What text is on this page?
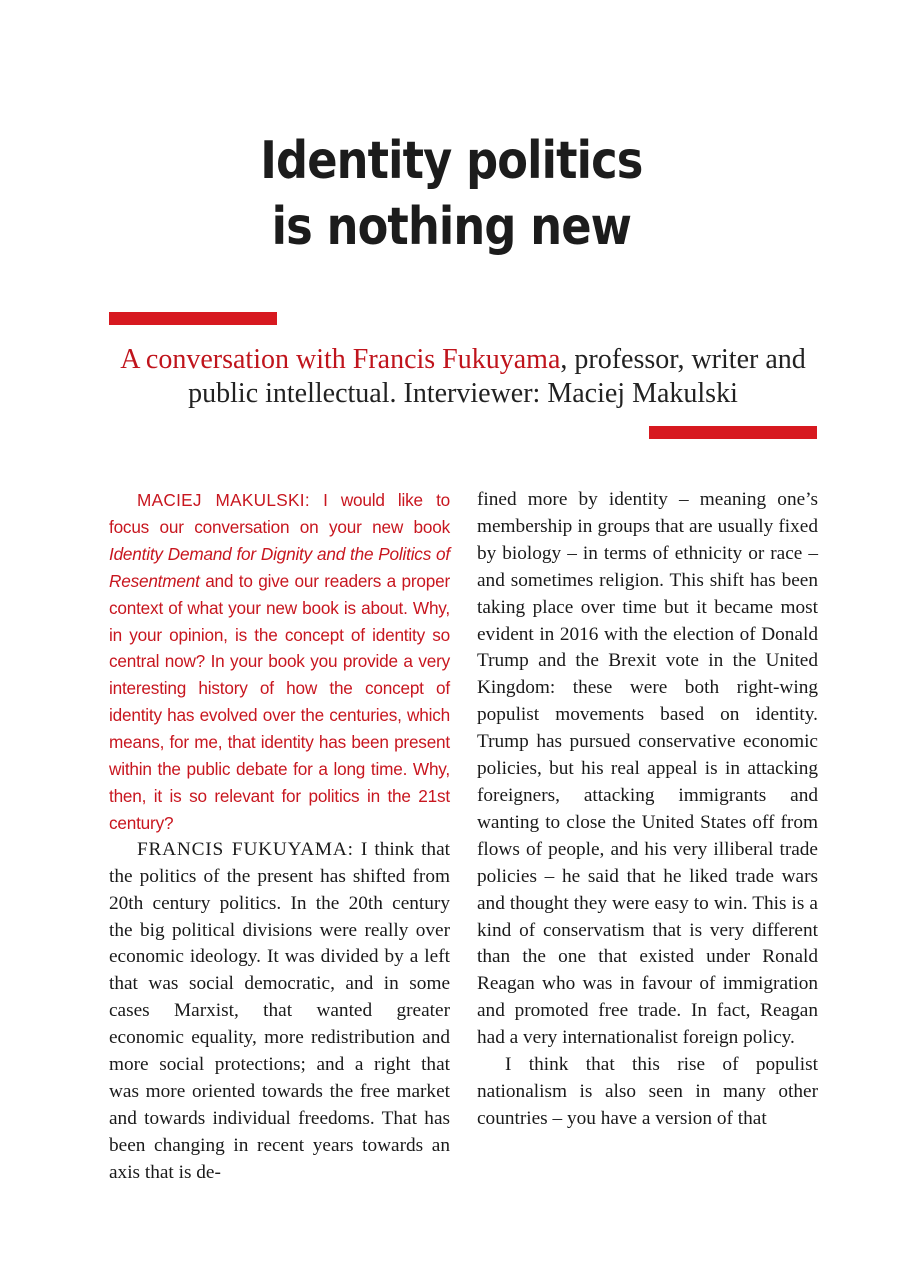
Identity politics
is nothing new
A conversation with Francis Fukuyama, professor, writer and public intellectual. Interviewer: Maciej Makulski

MACIEJ MAKULSKI: I would like to focus our conversation on your new book Identity Demand for Dignity and the Politics of Resentment and to give our readers a proper context of what your new book is about. Why, in your opinion, is the concept of identity so central now? In your book you provide a very interesting history of how the concept of identity has evolved over the centuries, which means, for me, that identity has been present within the public debate for a long time. Why, then, it is so relevant for politics in the 21st century?

FRANCIS FUKUYAMA: I think that the politics of the present has shifted from 20th century politics. In the 20th century the big political divisions were really over economic ideology. It was divided by a left that was social democratic, and in some cases Marxist, that wanted greater economic equality, more redistribution and more social protections; and a right that was more oriented towards the free market and towards individual freedoms. That has been changing in recent years towards an axis that is de-

fined more by identity – meaning one’s membership in groups that are usually fixed by biology – in terms of ethnicity or race – and sometimes religion. This shift has been taking place over time but it became most evident in 2016 with the election of Donald Trump and the Brexit vote in the United Kingdom: these were both right-wing populist movements based on identity. Trump has pursued conservative economic policies, but his real appeal is in attacking foreigners, attacking immigrants and wanting to close the United States off from flows of people, and his very illiberal trade policies – he said that he liked trade wars and thought they were easy to win. This is a kind of conservatism that is very different than the one that existed under Ronald Reagan who was in favour of immigration and promoted free trade. In fact, Reagan had a very internationalist foreign policy.

I think that this rise of populist nationalism is also seen in many other countries – you have a version of that
